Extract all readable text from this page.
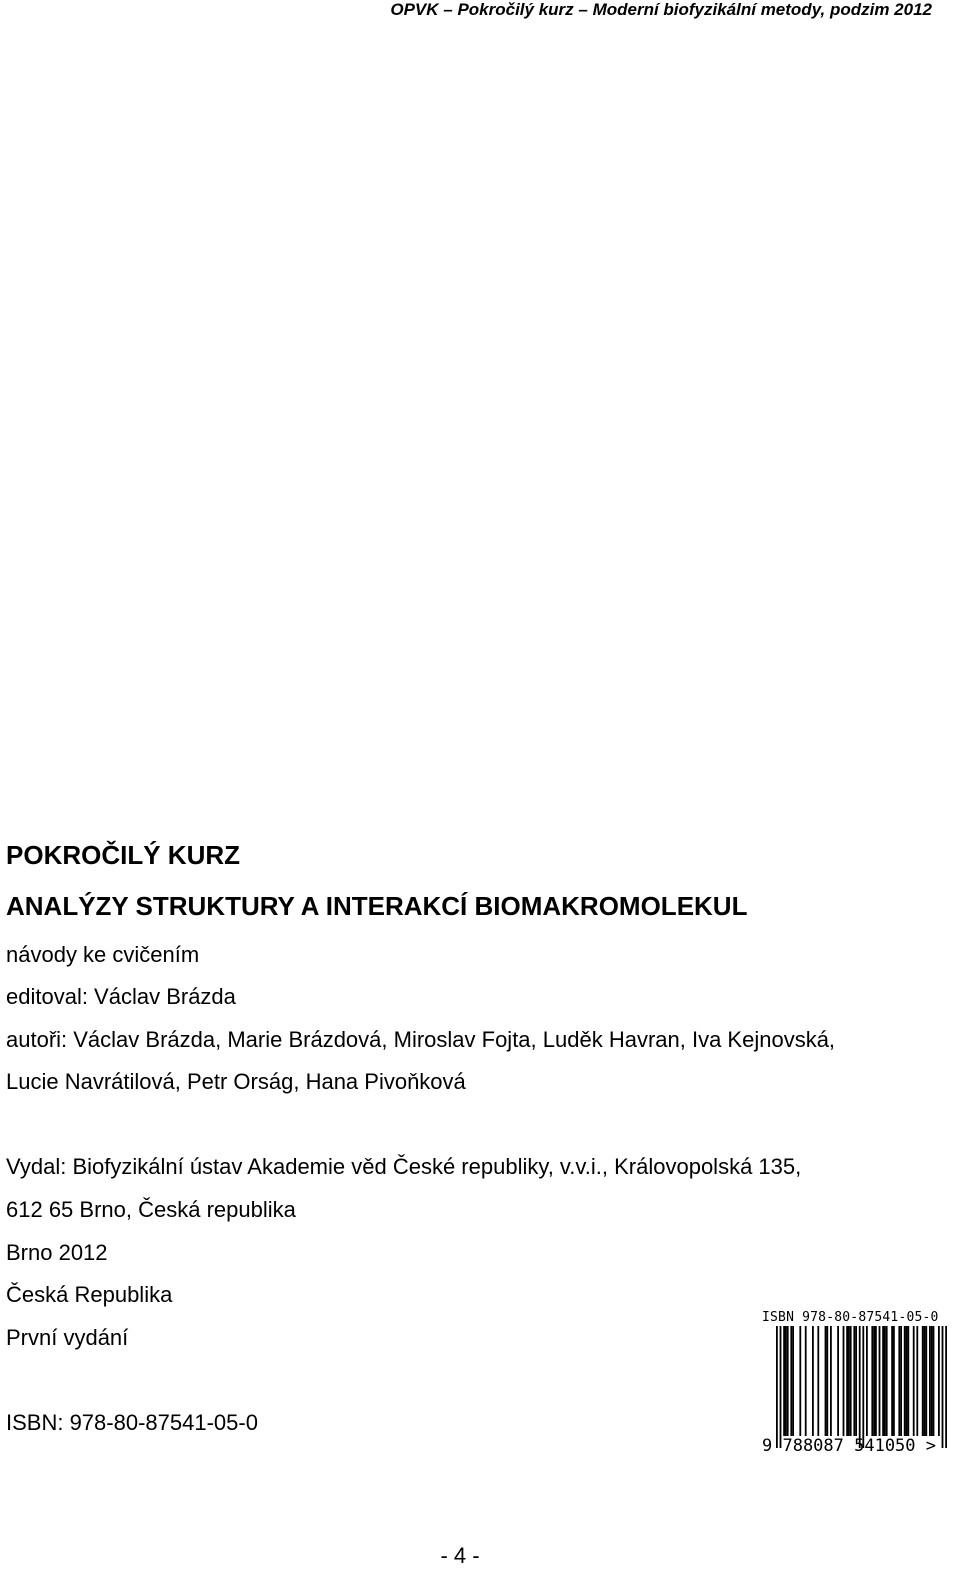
OPVK – Pokročilý kurz – Moderní biofyzikální metody, podzim 2012
POKROČILÝ KURZ
ANALÝZY STRUKTURY A INTERAKCÍ BIOMAKROMOLEKUL
návody ke cvičením
editoval: Václav Brázda
autoři: Václav Brázda, Marie Brázdová, Miroslav Fojta, Luděk Havran, Iva Kejnovská,
Lucie Navrátilová, Petr Orság, Hana Pivoňková
Vydal: Biofyzikální ústav Akademie věd České republiky, v.v.i., Královopolská 135,
612 65 Brno, Česká republika
Brno 2012
Česká Republika
První vydání
ISBN: 978-80-87541-05-0
ISBN 978-80-87541-05-0
9 788087 541050 >
- 4 -
